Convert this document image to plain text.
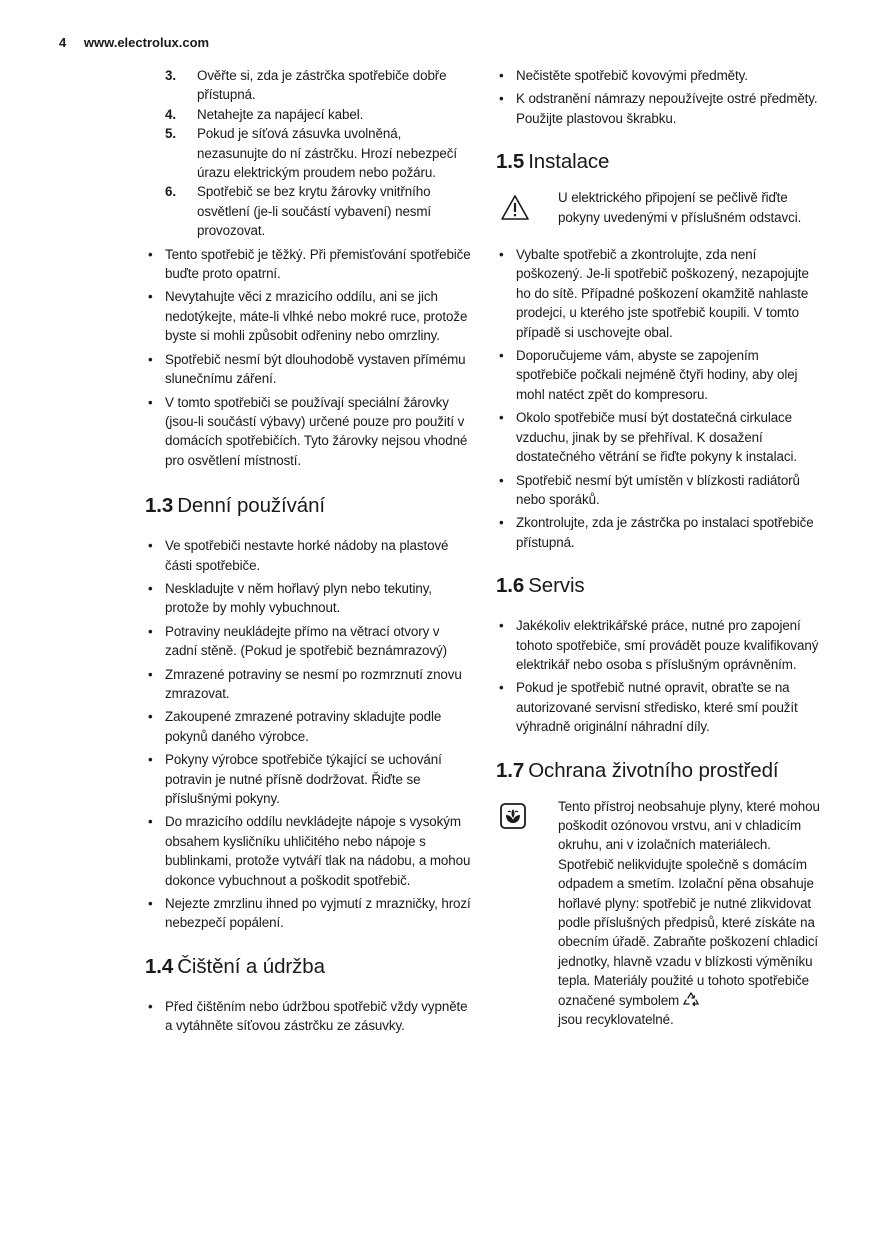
4 www.electrolux.com
3. Ověřte si, zda je zástrčka spotřebiče dobře přístupná.
4. Netahejte za napájecí kabel.
5. Pokud je síťová zásuvka uvolněná, nezasunujte do ní zástrčku. Hrozí nebezpečí úrazu elektrickým proudem nebo požáru.
6. Spotřebič se bez krytu žárovky vnitřního osvětlení (je-li součástí vybavení) nesmí provozovat.
• Tento spotřebič je těžký. Při přemisťování spotřebiče buďte proto opatrní.
• Nevytahujte věci z mrazicího oddílu, ani se jich nedotýkejte, máte-li vlhké nebo mokré ruce, protože byste si mohli způsobit odřeniny nebo omrzliny.
• Spotřebič nesmí být dlouhodobě vystaven přímému slunečnímu záření.
• V tomto spotřebiči se používají speciální žárovky (jsou-li součástí výbavy) určené pouze pro použití v domácích spotřebičích. Tyto žárovky nejsou vhodné pro osvětlení místností.
1.3 Denní používání
• Ve spotřebiči nestavte horké nádoby na plastové části spotřebiče.
• Neskladujte v něm hořlavý plyn nebo tekutiny, protože by mohly vybuchnout.
• Potraviny neukládejte přímo na větrací otvory v zadní stěně. (Pokud je spotřebič beznámrazový)
• Zmrazené potraviny se nesmí po rozmrznutí znovu zmrazovat.
• Zakoupené zmrazené potraviny skladujte podle pokynů daného výrobce.
• Pokyny výrobce spotřebiče týkající se uchování potravin je nutné přísně dodržovat. Řiďte se příslušnými pokyny.
• Do mrazicího oddílu nevkládejte nápoje s vysokým obsahem kysličníku uhličitého nebo nápoje s bublinkami, protože vytváří tlak na nádobu, a mohou dokonce vybuchnout a poškodit spotřebič.
• Nejezte zmrzlinu ihned po vyjmutí z mrazničky, hrozí nebezpečí popálení.
1.4 Čištění a údržba
• Před čištěním nebo údržbou spotřebič vždy vypněte a vytáhněte síťovou zástrčku ze zásuvky.
• Nečistěte spotřebič kovovými předměty.
• K odstranění námrazy nepoužívejte ostré předměty. Použijte plastovou škrabku.
1.5 Instalace

U elektrického připojení se pečlivě řiďte pokyny uvedenými v příslušném odstavci.

• Vybalte spotřebič a zkontrolujte, zda není poškozený. Je-li spotřebič poškozený, nezapojujte ho do sítě. Případné poškození okamžitě nahlaste prodejci, u kterého jste spotřebič koupili. V tomto případě si uschovejte obal.
• Doporučujeme vám, abyste se zapojením spotřebiče počkali nejméně čtyři hodiny, aby olej mohl natéct zpět do kompresoru.
• Okolo spotřebiče musí být dostatečná cirkulace vzduchu, jinak by se přehříval. K dosažení dostatečného větrání se řiďte pokyny k instalaci.
• Spotřebič nesmí být umístěn v blízkosti radiátorů nebo sporáků.
• Zkontrolujte, zda je zástrčka po instalaci spotřebiče přístupná.
1.6 Servis
• Jakékoliv elektrikářské práce, nutné pro zapojení tohoto spotřebiče, smí provádět pouze kvalifikovaný elektrikář nebo osoba s příslušným oprávněním.
• Pokud je spotřebič nutné opravit, obraťte se na autorizované servisní středisko, které smí použít výhradně originální náhradní díly.
1.7 Ochrana životního prostředí

Tento přístroj neobsahuje plyny, které mohou poškodit ozónovou vrstvu, ani v chladicím okruhu, ani v izolačních materiálech. Spotřebič nelikvidujte společně s domácím odpadem a smetím. Izolační pěna obsahuje hořlavé plyny: spotřebič je nutné zlikvidovat podle příslušných předpisů, které získáte na obecním úřadě. Zabraňte poškození chladicí jednotky, hlavně vzadu v blízkosti výměníku tepla. Materiály použité u tohoto spotřebiče označené symbolem
jsou recyklovatelné.
